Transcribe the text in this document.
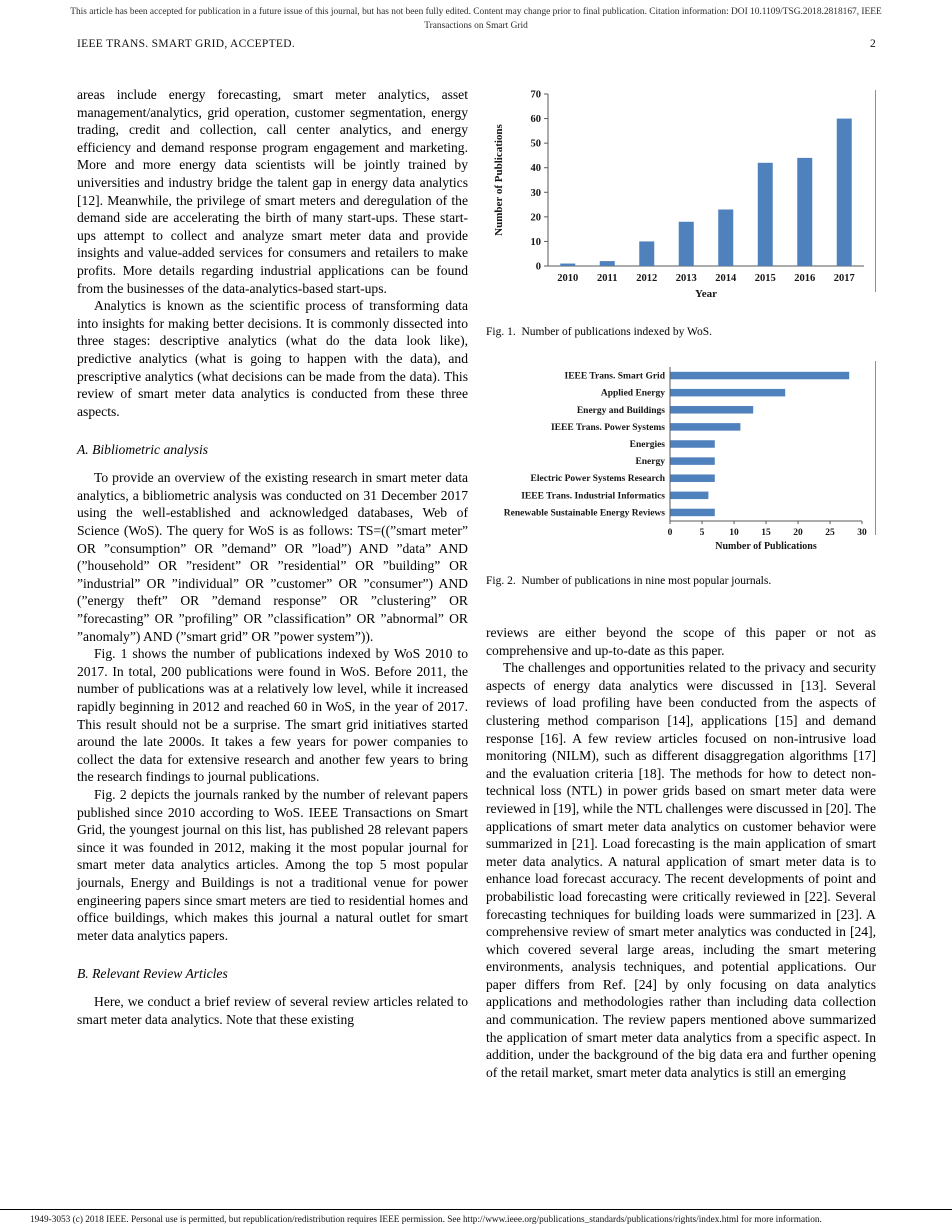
This article has been accepted for publication in a future issue of this journal, but has not been fully edited. Content may change prior to final publication. Citation information: DOI 10.1109/TSG.2018.2818167, IEEE
Transactions on Smart Grid
IEEE TRANS. SMART GRID, ACCEPTED.	2

areas include energy forecasting, smart meter analytics, asset management/analytics, grid operation, customer segmentation, energy trading, credit and collection, call center analytics, and energy efficiency and demand response program engagement and marketing. More and more energy data scientists will be jointly trained by universities and industry bridge the talent gap in energy data analytics [12]. Meanwhile, the privilege of smart meters and deregulation of the demand side are accelerating the birth of many start-ups. These start-ups attempt to collect and analyze smart meter data and provide insights and value-added services for consumers and retailers to make profits. More details regarding industrial applications can be found from the businesses of the data-analytics-based start-ups.

Analytics is known as the scientific process of transforming data into insights for making better decisions. It is commonly dissected into three stages: descriptive analytics (what do the data look like), predictive analytics (what is going to happen with the data), and prescriptive analytics (what decisions can be made from the data). This review of smart meter data analytics is conducted from these three aspects.

A. Bibliometric analysis

To provide an overview of the existing research in smart meter data analytics, a bibliometric analysis was conducted on 31 December 2017 using the well-established and acknowledged databases, Web of Science (WoS). The query for WoS is as follows: TS=((”smart meter” OR ”consumption” OR ”demand” OR ”load”) AND ”data” AND (”household” OR ”resident” OR ”residential” OR ”building” OR ”industrial” OR ”individual” OR ”customer” OR ”consumer”) AND (”energy theft” OR ”demand response” OR ”clustering” OR ”forecasting” OR ”profiling” OR ”classification” OR ”abnormal” OR ”anomaly”) AND (”smart grid” OR ”power system”)).

Fig. 1 shows the number of publications indexed by WoS 2010 to 2017. In total, 200 publications were found in WoS. Before 2011, the number of publications was at a relatively low level, while it increased rapidly beginning in 2012 and reached 60 in WoS, in the year of 2017. This result should not be a surprise. The smart grid initiatives started around the late 2000s. It takes a few years for power companies to collect the data for extensive research and another few years to bring the research findings to journal publications.

Fig. 2 depicts the journals ranked by the number of relevant papers published since 2010 according to WoS. IEEE Transactions on Smart Grid, the youngest journal on this list, has published 28 relevant papers since it was founded in 2012, making it the most popular journal for smart meter data analytics articles. Among the top 5 most popular journals, Energy and Buildings is not a traditional venue for power engineering papers since smart meters are tied to residential homes and office buildings, which makes this journal a natural outlet for smart meter data analytics papers.

B. Relevant Review Articles

Here, we conduct a brief review of several review articles related to smart meter data analytics. Note that these existing

0
10
20
30
40
50
60
70
2010 2011 2012 2013 2014 2015 2016 2017
Year
Number of Publications
Fig. 1.  Number of publications indexed by WoS.
IEEE Trans. Smart Grid
Applied Energy
Energy and Buildings
IEEE Trans. Power Systems
Energies
Energy
Electric Power Systems Research
IEEE Trans. Industrial Informatics
Renewable Sustainable Energy Reviews
0	5	10 15 20 25 30
Number of Publications
Fig. 2.  Number of publications in nine most popular journals.

reviews are either beyond the scope of this paper or not as comprehensive and up-to-date as this paper.

The challenges and opportunities related to the privacy and security aspects of energy data analytics were discussed in [13]. Several reviews of load profiling have been conducted from the aspects of clustering method comparison [14], applications [15] and demand response [16]. A few review articles focused on non-intrusive load monitoring (NILM), such as different disaggregation algorithms [17] and the evaluation criteria [18]. The methods for how to detect non-technical loss (NTL) in power grids based on smart meter data were reviewed in [19], while the NTL challenges were discussed in [20]. The applications of smart meter data analytics on customer behavior were summarized in [21]. Load forecasting is the main application of smart meter data analytics. A natural application of smart meter data is to enhance load forecast accuracy. The recent developments of point and probabilistic load forecasting were critically reviewed in [22]. Several forecasting techniques for building loads were summarized in [23]. A comprehensive review of smart meter analytics was conducted in [24], which covered several large areas, including the smart metering environments, analysis techniques, and potential applications. Our paper differs from Ref. [24] by only focusing on data analytics applications and methodologies rather than including data collection and communication. The review papers mentioned above summarized the application of smart meter data analytics from a specific aspect. In addition, under the background of the big data era and further opening of the retail market, smart meter data analytics is still an emerging

1949-3053 (c) 2018 IEEE. Personal use is permitted, but republication/redistribution requires IEEE permission. See http://www.ieee.org/publications_standards/publications/rights/index.html for more information.
